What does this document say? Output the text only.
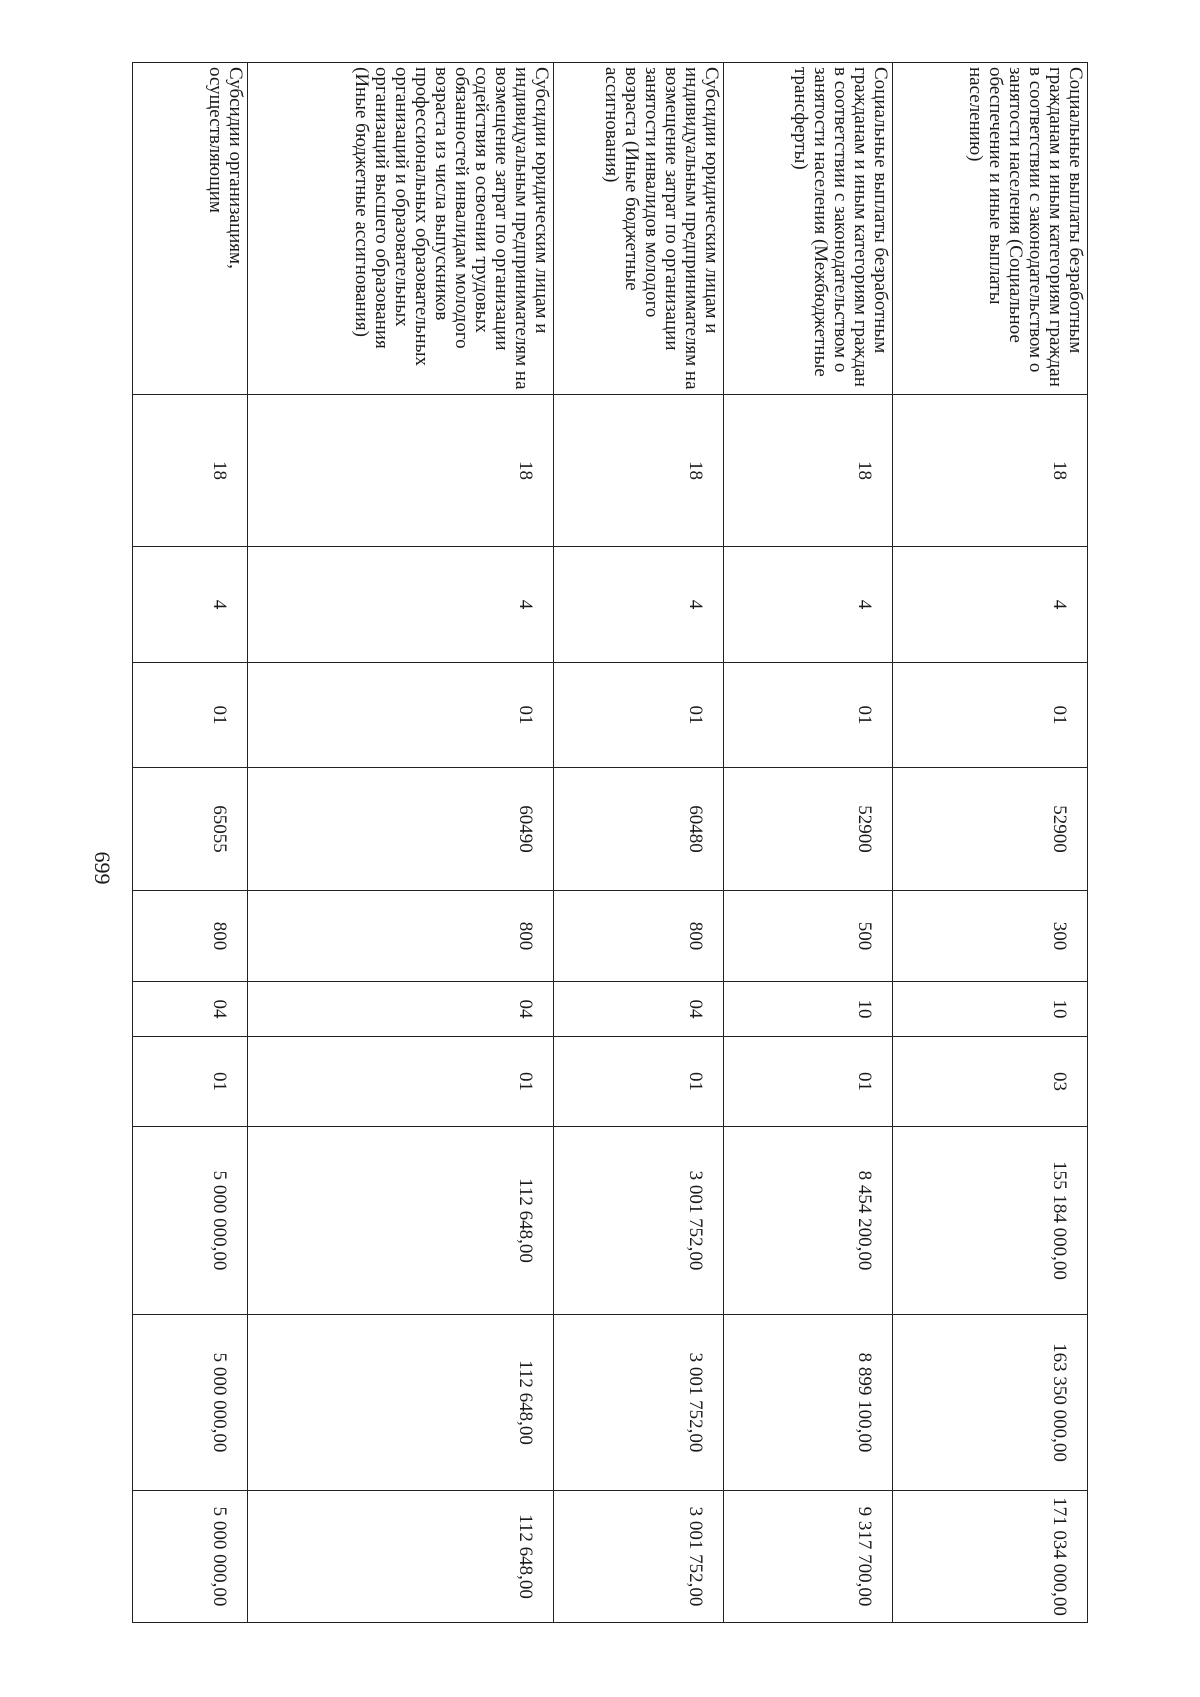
699
Социальные выплаты безработным гражданам и иным категориям граждан в соответствии с законодательством о занятости населения (Социальное обеспечение и иные выплаты населению)	18	4	01	52900	300	10	03	155 184 000,00	163 350 000,00	171 034 000,00
Социальные выплаты безработным гражданам и иным категориям граждан в соответствии с законодательством о занятости населения (Межбюджетные трансферты)	18	4	01	52900	500	10	01	8 454 200,00	8 899 100,00	9 317 700,00
Субсидии юридическим лицам и индивидуальным предпринимателям на возмещение затрат по организации занятости инвалидов молодого возраста (Иные бюджетные ассигнования)	18	4	01	60480	800	04	01	3 001 752,00	3 001 752,00	3 001 752,00
Субсидии юридическим лицам и индивидуальным предпринимателям на возмещение затрат по организации содействия в освоении трудовых обязанностей инвалидам молодого возраста из числа выпускников профессиональных образовательных организаций и образовательных организаций высшего образования (Иные бюджетные ассигнования)	18	4	01	60490	800	04	01	112 648,00	112 648,00	112 648,00
Субсидии организациям, осуществляющим	18	4	01	65055	800	04	01	5 000 000,00	5 000 000,00	5 000 000,00
